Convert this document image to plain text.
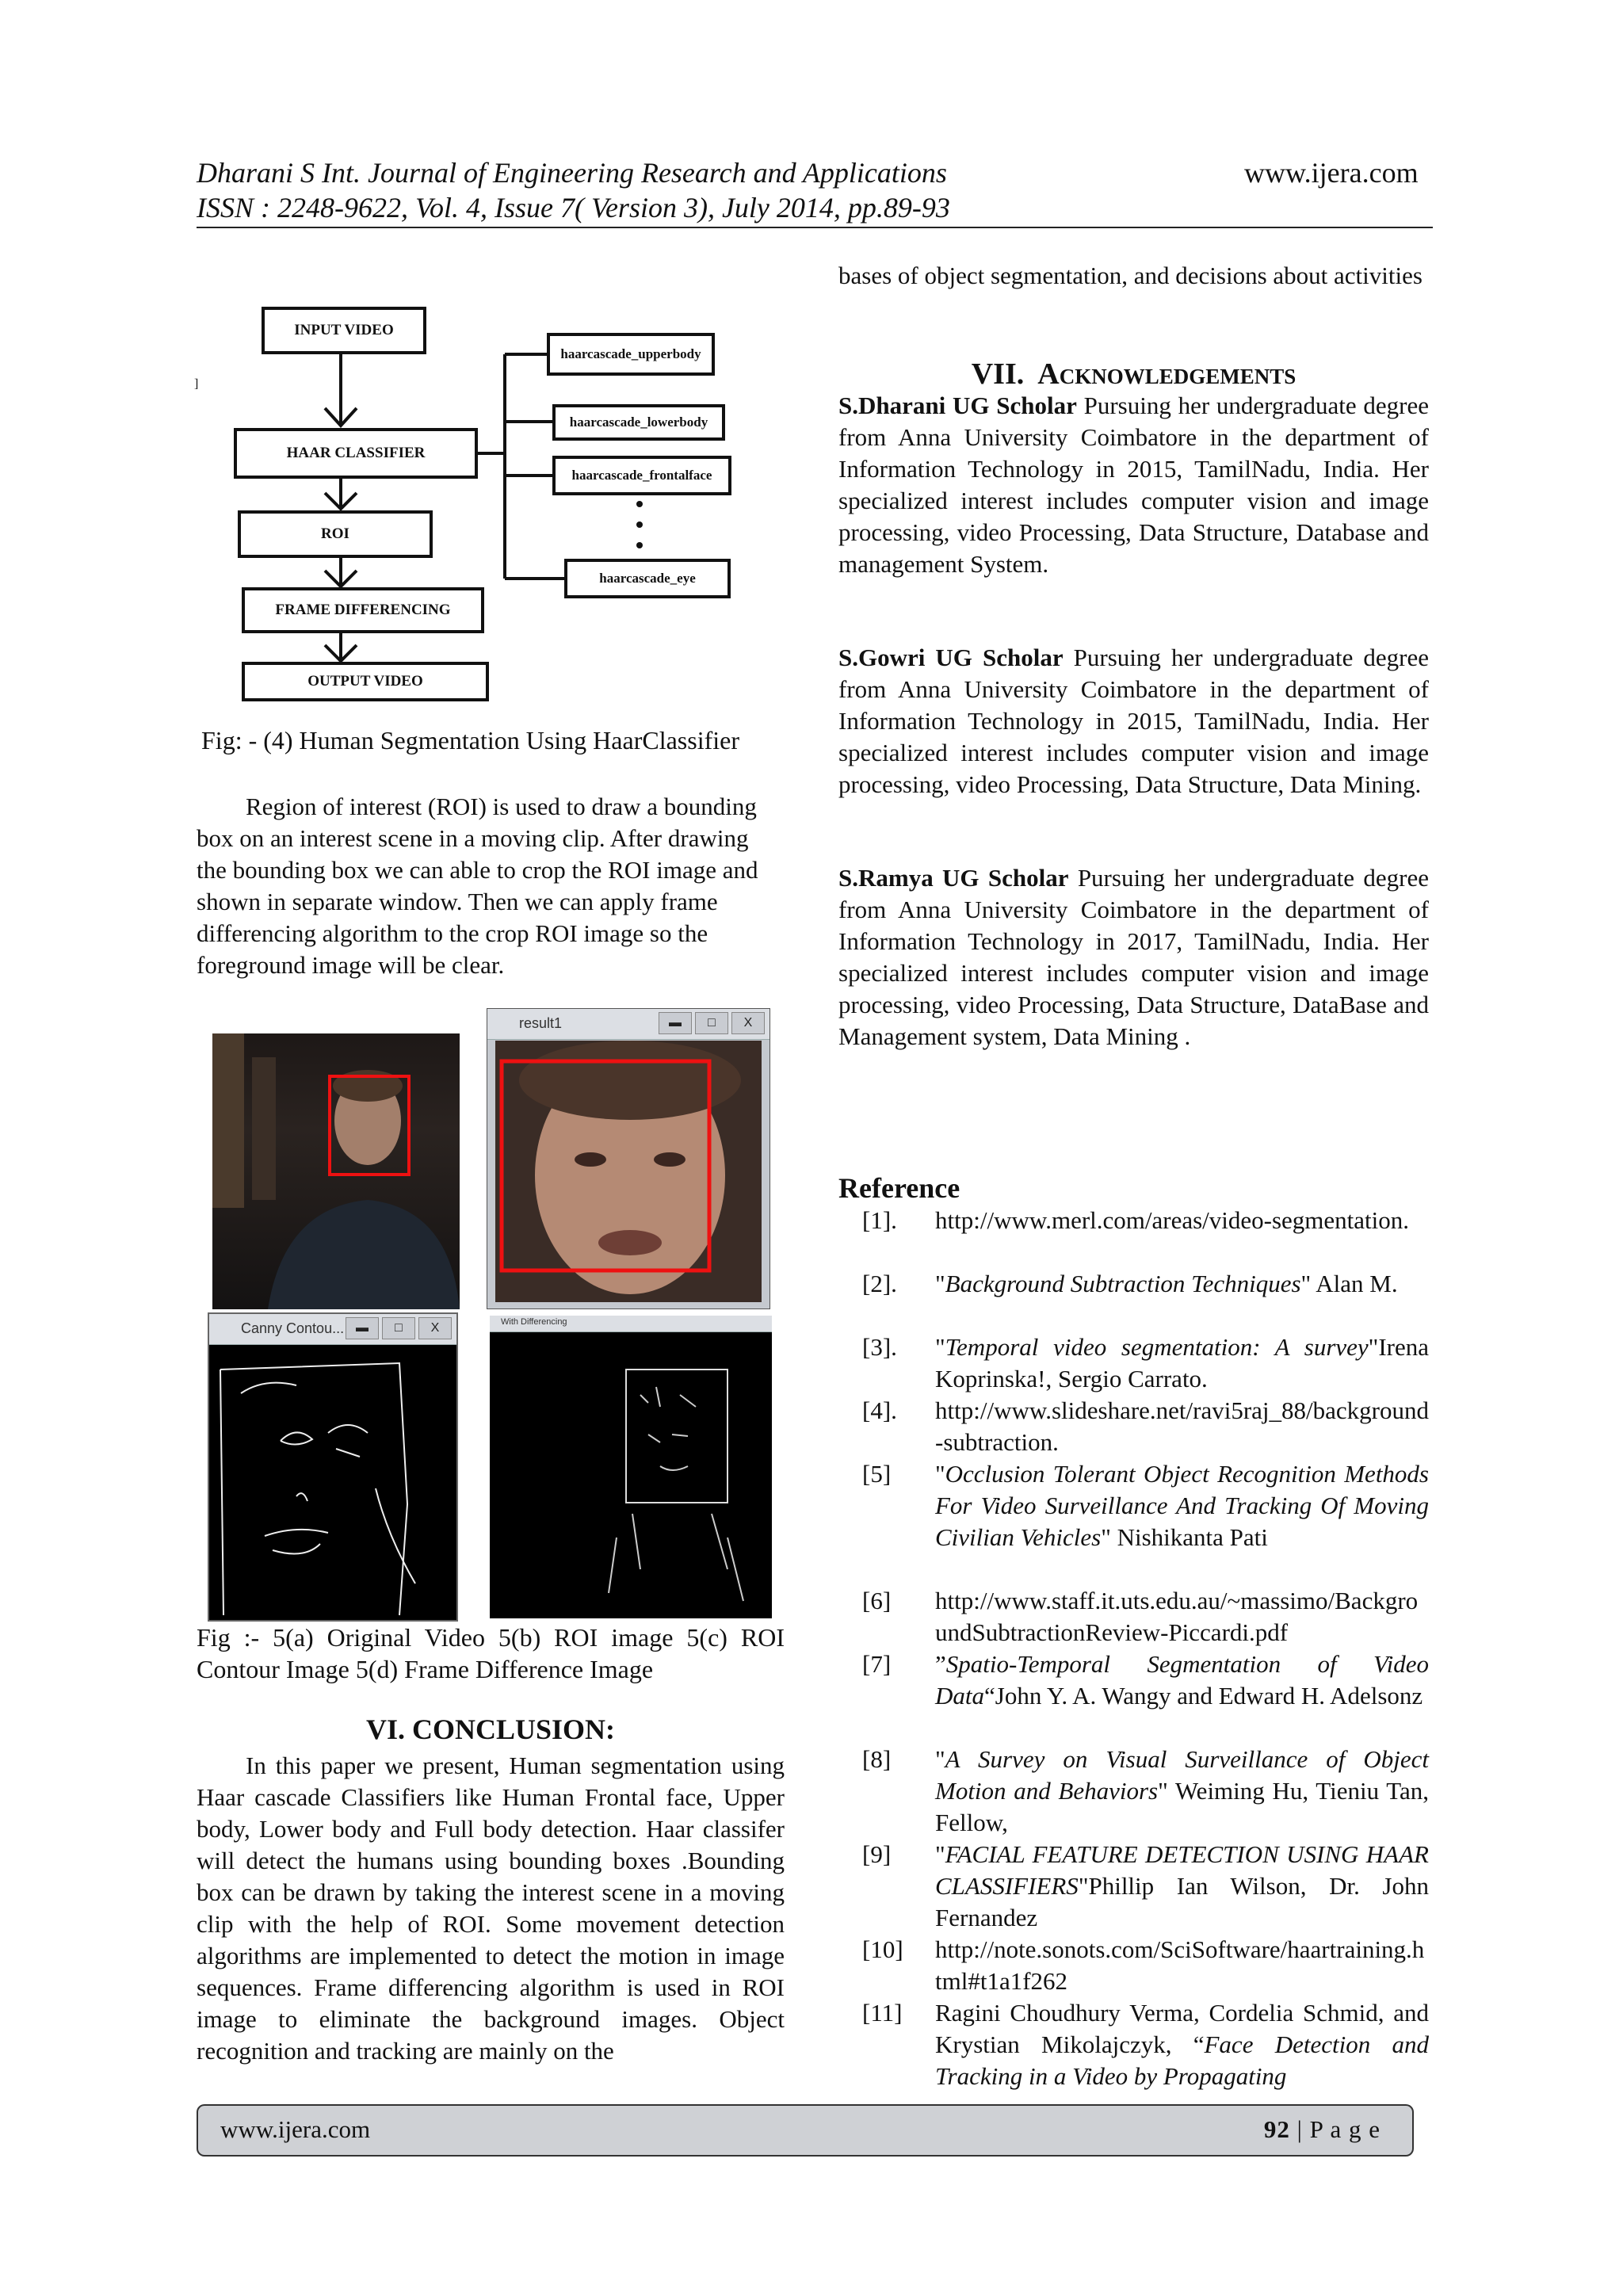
Dharani S Int. Journal of Engineering Research and Applications	www.ijera.com
ISSN : 2248-9622, Vol. 4, Issue 7( Version 3), July 2014, pp.89-93
]
INPUT VIDEO
HAAR CLASSIFIER
ROI
FRAME DIFFERENCING
OUTPUT VIDEO
haarcascade_upperbody
haarcascade_lowerbody
haarcascade_frontalface
haarcascade_eye
Fig: - (4) Human Segmentation Using HaarClassifier

Region of interest (ROI) is used to draw a bounding box on an interest scene in a moving clip. After drawing the bounding box we can able to crop the ROI image and shown in separate window. Then we can apply frame differencing algorithm to the crop ROI image so the foreground image will be clear.

result1	▬	□	X
Canny Contou... ▬	□	X	With Differencing
Fig :- 5(a) Original Video 5(b) ROI image 5(c) ROI Contour Image 5(d) Frame Difference Image
VI. CONCLUSION:

In this paper we present, Human segmentation using Haar cascade Classifiers like Human Frontal face, Upper body, Lower body and Full body detection. Haar classifer will detect the humans using bounding boxes .Bounding box can be drawn by taking the interest scene in a moving clip with the help of ROI. Some movement detection algorithms are implemented to detect the motion in image sequences. Frame differencing algorithm is used in ROI image to eliminate the background images. Object recognition and tracking are mainly on the

bases of object segmentation, and decisions about activities
VII. ACKNOWLEDGEMENTS
S.Dharani UG Scholar Pursuing her undergraduate degree from Anna University Coimbatore in the department of Information Technology in 2015, TamilNadu, India. Her specialized interest includes computer vision and image processing, video Processing, Data Structure, Database and management System.
S.Gowri UG Scholar Pursuing her undergraduate degree from Anna University Coimbatore in the department of Information Technology in 2015, TamilNadu, India. Her specialized interest includes computer vision and image processing, video Processing, Data Structure, Data Mining.
S.Ramya UG Scholar Pursuing her undergraduate degree from Anna University Coimbatore in the department of Information Technology in 2017, TamilNadu, India. Her specialized interest includes computer vision and image processing, video Processing, Data Structure, DataBase and Management system, Data Mining .
Reference
[1]. http://www.merl.com/areas/video-segmentation.
[2]. "Background Subtraction Techniques" Alan M.
[3]. "Temporal video segmentation: A survey"Irena Koprinska!, Sergio Carrato.
[4]. http://www.slideshare.net/ravi5raj_88/background-subtraction.
[5] "Occlusion Tolerant Object Recognition Methods For Video Surveillance And Tracking Of Moving Civilian Vehicles" Nishikanta Pati
[6] http://www.staff.it.uts.edu.au/~massimo/BackgroundSubtractionReview-Piccardi.pdf
[7] ”Spatio-Temporal Segmentation of Video Data“John Y. A. Wangy and Edward H. Adelsonz
[8] "A Survey on Visual Surveillance of Object Motion and Behaviors" Weiming Hu, Tieniu Tan, Fellow,
[9] "FACIAL FEATURE DETECTION USING HAAR CLASSIFIERS"Phillip Ian Wilson, Dr. John Fernandez
[10] http://note.sonots.com/SciSoftware/haartraining.html#t1a1f262
[11] Ragini Choudhury Verma, Cordelia Schmid, and Krystian Mikolajczyk, “Face Detection and Tracking in a Video by Propagating
www.ijera.com	92 | P a g e
